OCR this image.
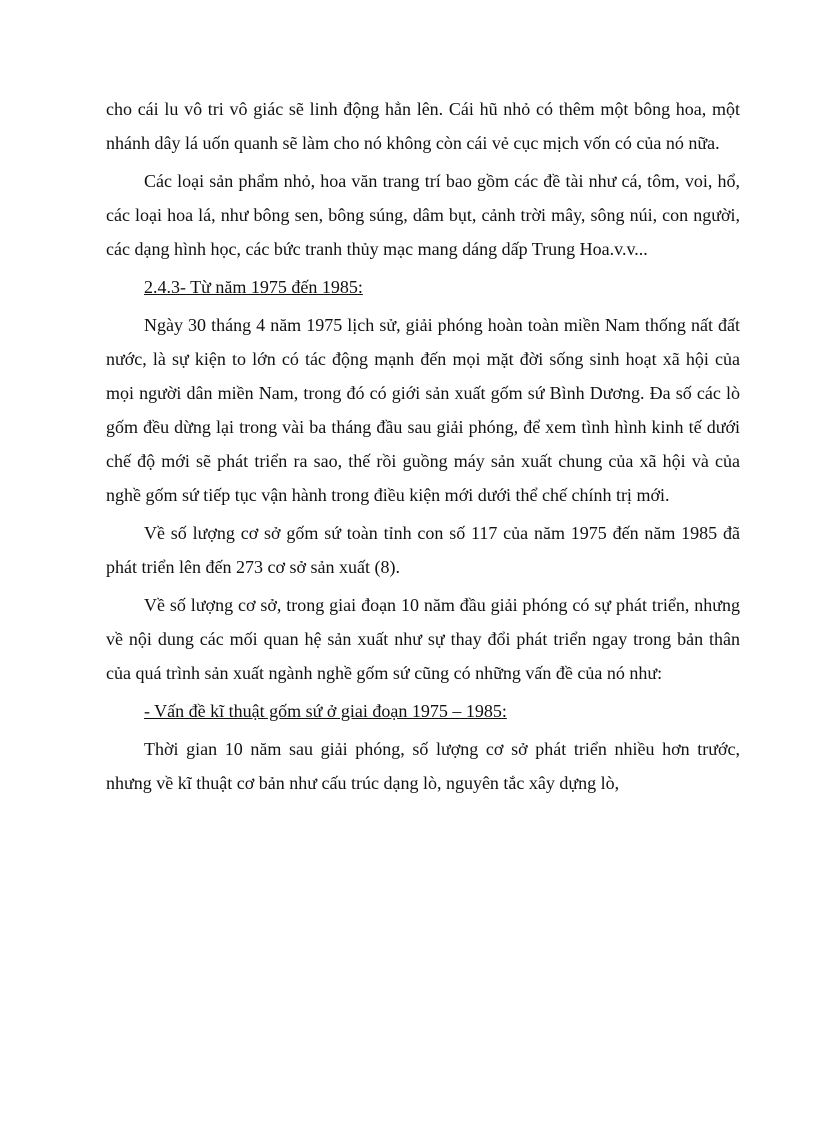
cho cái lu vô tri vô giác sẽ linh động hẳn lên. Cái hũ nhỏ có thêm một bông hoa, một nhánh dây lá uốn quanh sẽ làm cho nó không còn cái vẻ cục mịch vốn có của nó nữa.

Các loại sản phẩm nhỏ, hoa văn trang trí bao gồm các đề tài như cá, tôm, voi, hổ, các loại hoa lá, như bông sen, bông súng, dâm bụt, cảnh trời mây, sông núi, con người, các dạng hình học, các bức tranh thủy mạc mang dáng dấp Trung Hoa.v.v...

2.4.3- Từ năm 1975 đến 1985:

Ngày 30 tháng 4 năm 1975 lịch sử, giải phóng hoàn toàn miền Nam thống nất đất nước, là sự kiện to lớn có tác động mạnh đến mọi mặt đời sống sinh hoạt xã hội của mọi người dân miền Nam, trong đó có giới sản xuất gốm sứ Bình Dương. Đa số các lò gốm đều dừng lại trong vài ba tháng đầu sau giải phóng, để xem tình hình kinh tế dưới chế độ mới sẽ phát triển ra sao, thế rồi guồng máy sản xuất chung của xã hội và của nghề gốm sứ tiếp tục vận hành trong điều kiện mới dưới thể chế chính trị mới.

Về số lượng cơ sở gốm sứ toàn tỉnh con số 117 của năm 1975 đến năm 1985 đã phát triển lên đến 273 cơ sở sản xuất (8).

Về số lượng cơ sở, trong giai đoạn 10 năm đầu giải phóng có sự phát triển, nhưng về nội dung các mối quan hệ sản xuất như sự thay đổi phát triển ngay trong bản thân của quá trình sản xuất ngành nghề gốm sứ cũng có những vấn đề của nó như:

- Vấn đề kĩ thuật gốm sứ ở giai đoạn 1975 – 1985:

Thời gian 10 năm sau giải phóng, số lượng cơ sở phát triển nhiều hơn trước, nhưng về kĩ thuật cơ bản như cấu trúc dạng lò, nguyên tắc xây dựng lò,
